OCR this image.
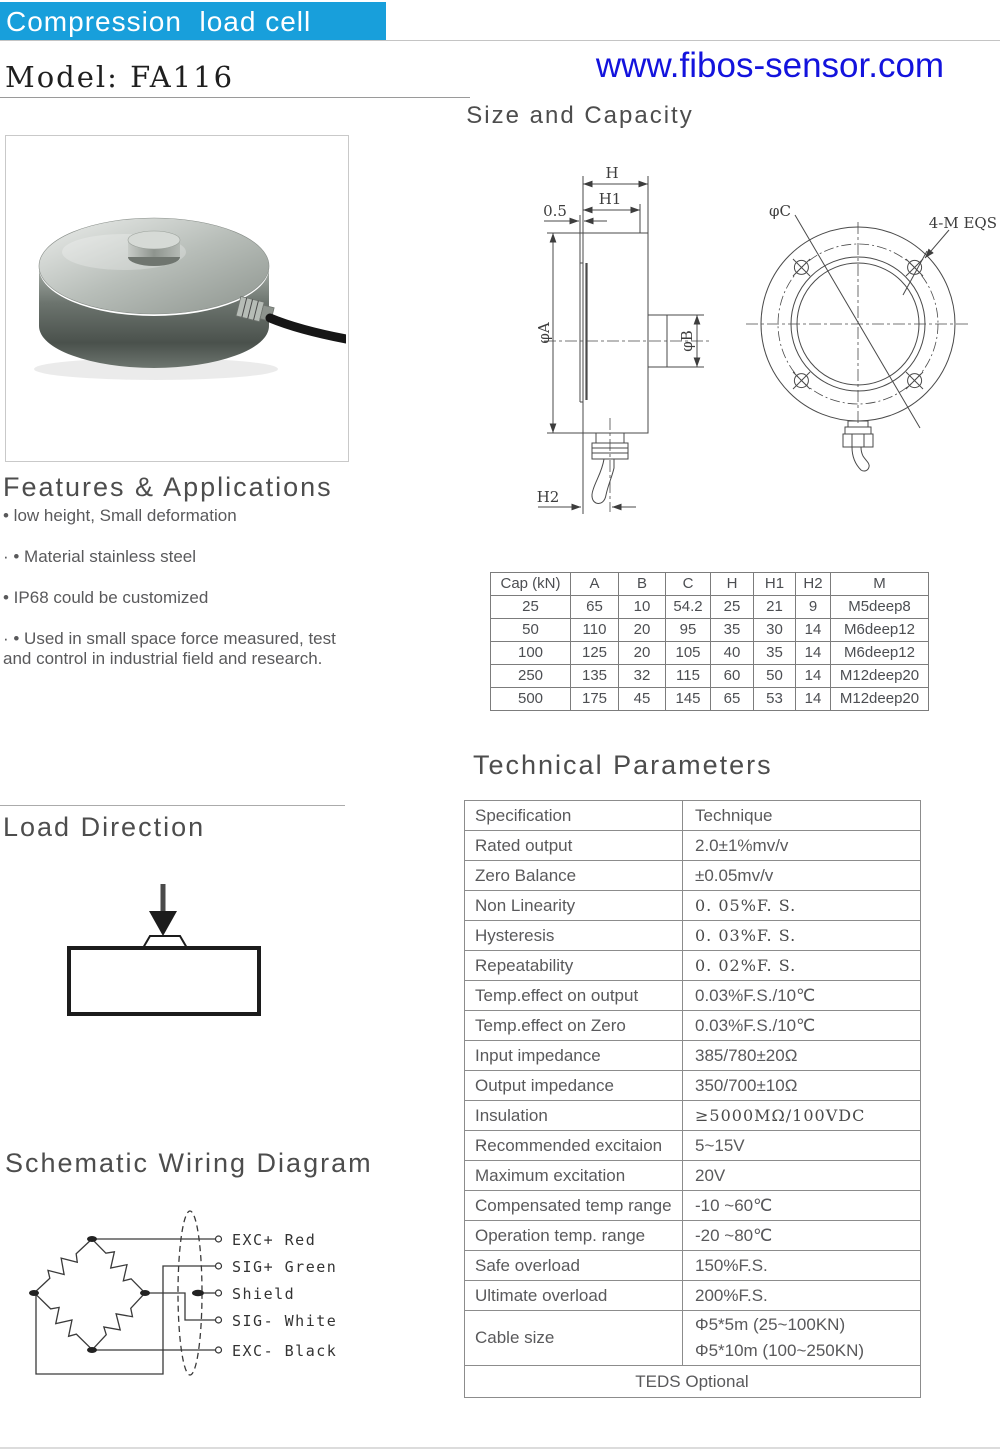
Compression  load cell
www.fibos-sensor.com
Model: FA116
Size and Capacity
H
H1
0.5
φA	φB
H2
φC
4-M EQS
Cap (kN)	A	B	C	H	H1	H2	M
25	65	10	54.2	25	21	9	M5deep8
50	110	20	95	35	30	14	M6deep12
100	125	20	105	40	35	14	M6deep12
250	135	32	115	60	50	14	M12deep20
500	175	45	145	65	53	14	M12deep20
Features & Applications
• low height, Small deformation
· • Material stainless steel
• IP68 could be customized
· • Used in small space force measured, test and control in industrial field and research.
Load Direction
Technical Parameters
Specification	Technique
Rated output	2.0±1%mv/v
Zero Balance	±0.05mv/v
Non Linearity	0. 05%F. S.
Hysteresis	0. 03%F. S.
Repeatability	0. 02%F. S.
Temp.effect on output	0.03%F.S./10℃
Temp.effect on Zero	0.03%F.S./10℃
Input impedance	385/780±20Ω
Output impedance	350/700±10Ω
Insulation	≥5000MΩ/100VDC
Recommended excitaion	5~15V
Maximum excitation	20V
Compensated temp range	-10 ~60℃
Operation temp. range	-20 ~80℃
Safe overload	150%F.S.
Ultimate overload	200%F.S.
Cable size	Φ5*5m (25~100KN)
Φ5*10m (100~250KN)

TEDS Optional	
Schematic Wiring Diagram
EXC+ Red
SIG+ Green
Shield
SIG- White
EXC- Black
